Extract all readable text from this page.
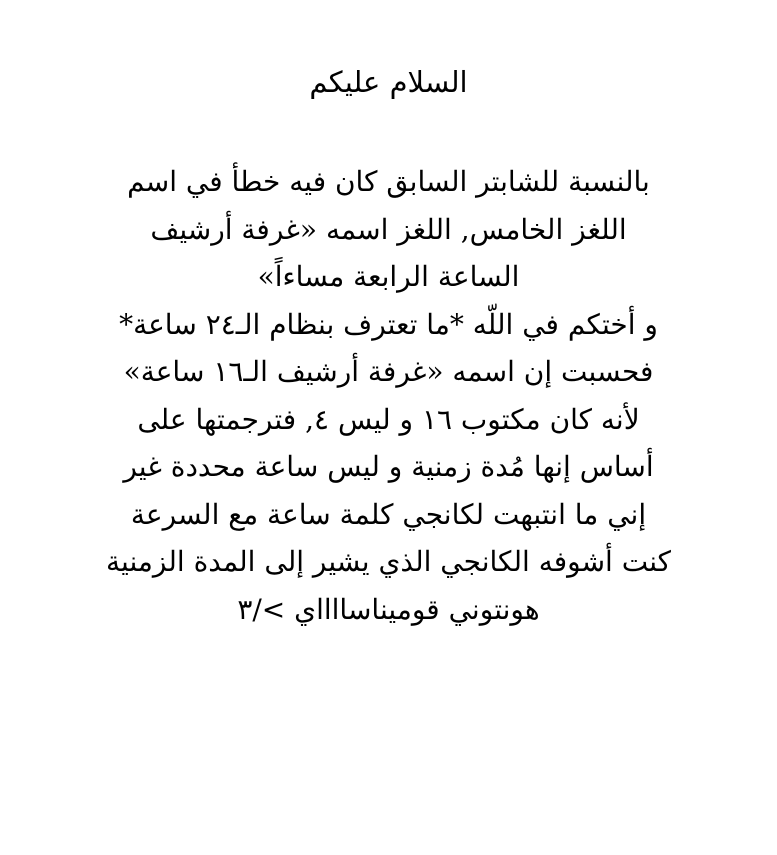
السلام عليكم
بالنسبة للشابتر السابق كان فيه خطأ في اسم
اللغز الخامس, اللغز اسمه «غرفة أرشيف
الساعة الرابعة مساءاً»
و أختكم في اللّه *ما تعترف بنظام الـ٢٤ ساعة*
فحسبت إن اسمه «غرفة أرشيف الـ١٦ ساعة»
لأنه كان مكتوب ١٦ و ليس ٤, فترجمتها على
أساس إنها مُدة زمنية و ليس ساعة محددة غير
إني ما انتبهت لكانجي كلمة ساعة مع السرعة
كنت أشوفه الكانجي الذي يشير إلى المدة الزمنية
هونتوني قوميناسااااي >/٣
